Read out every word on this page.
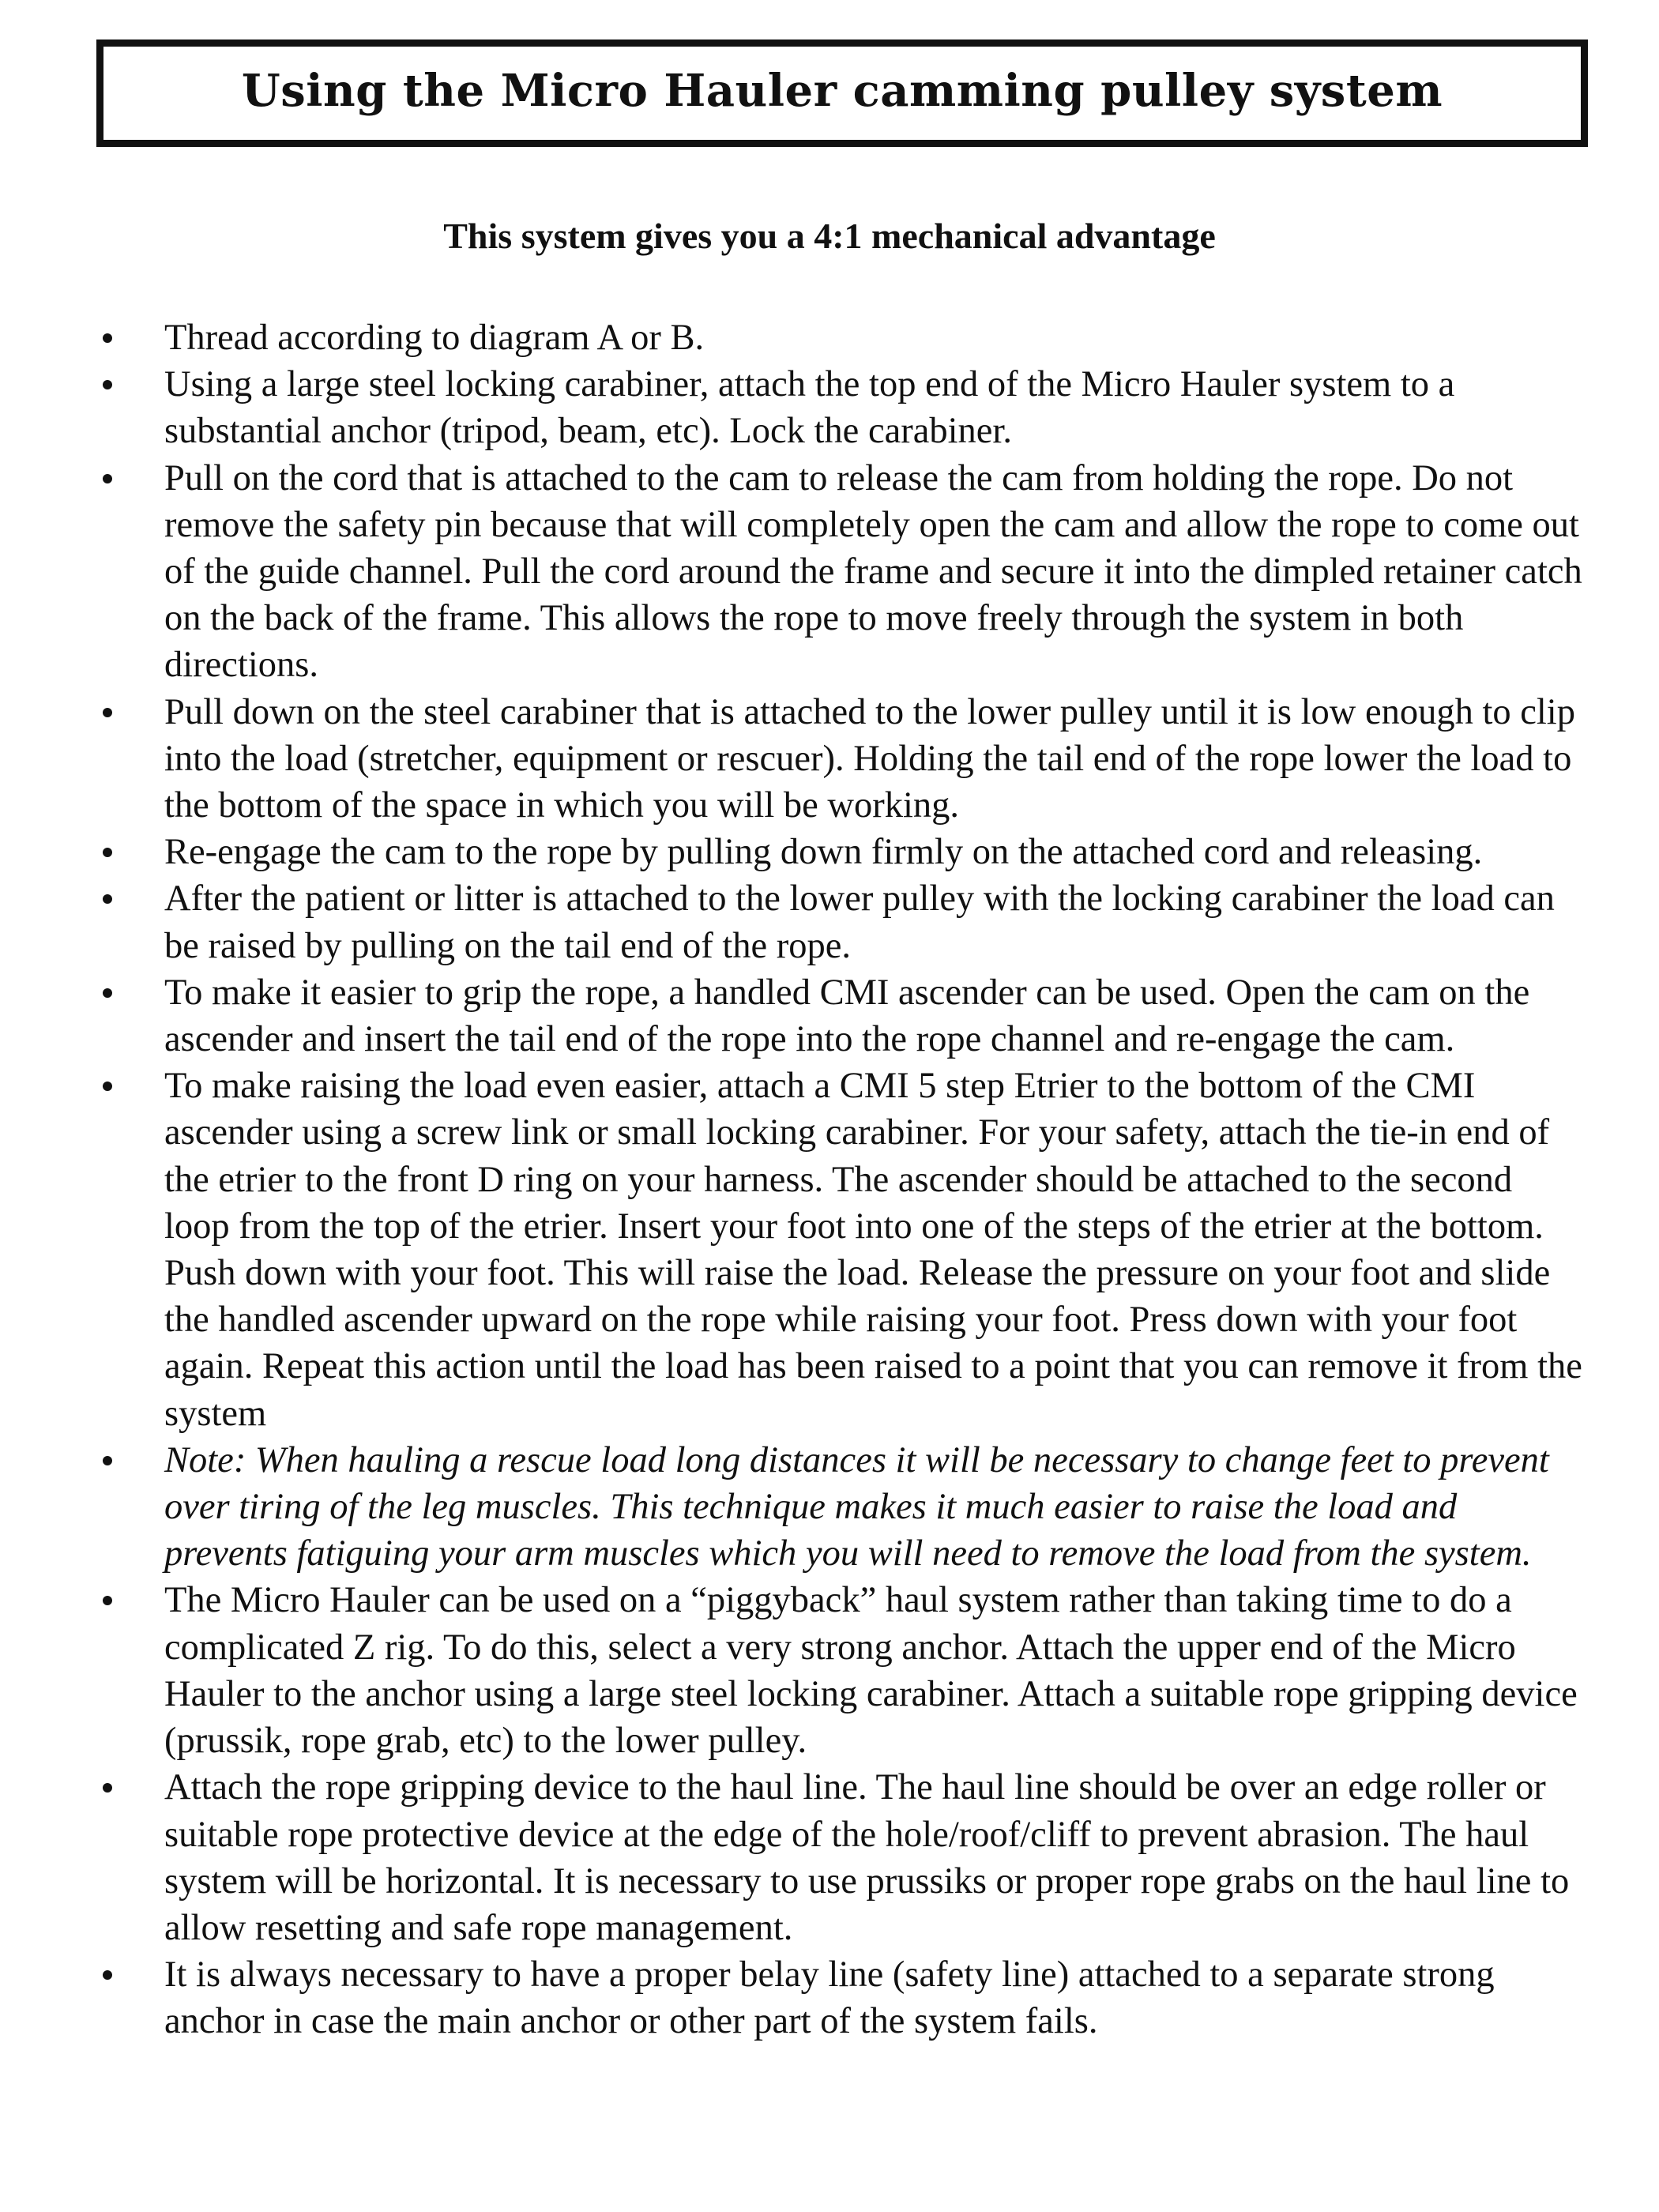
Using the Micro Hauler camming pulley system
This system gives you a 4:1 mechanical advantage
Thread according to diagram A or B.
Using a large steel locking carabiner, attach the top end of the Micro Hauler system to a substantial anchor (tripod, beam, etc). Lock the carabiner.
Pull on the cord that is attached to the cam to release the cam from holding the rope. Do not remove the safety pin because that will completely open the cam and allow the rope to come out of the guide channel. Pull the cord around the frame and secure it into the dimpled retainer catch on the back of the frame. This allows the rope to move freely through the system in both directions.
Pull down on the steel carabiner that is attached to the lower pulley until it is low enough to clip into the load (stretcher, equipment or rescuer). Holding the tail end of the rope lower the load to the bottom of the space in which you will be working.
Re-engage the cam to the rope by pulling down firmly on the attached cord and releasing.
After the patient or litter is attached to the lower pulley with the locking carabiner the load can be raised by pulling on the tail end of the rope.
To make it easier to grip the rope, a handled CMI ascender can be used. Open the cam on the ascender and insert the tail end of the rope into the rope channel and re-engage the cam.
To make raising the load even easier, attach a CMI 5 step Etrier to the bottom of the CMI ascender using a screw link or small locking carabiner. For your safety, attach the tie-in end of the etrier to the front D ring on your harness. The ascender should be attached to the second loop from the top of the etrier. Insert your foot into one of the steps of the etrier at the bottom. Push down with your foot. This will raise the load. Release the pressure on your foot and slide the handled ascender upward on the rope while raising your foot. Press down with your foot again. Repeat this action until the load has been raised to a point that you can remove it from the system
Note: When hauling a rescue load long distances it will be necessary to change feet to prevent over tiring of the leg muscles. This technique makes it much easier to raise the load and prevents fatiguing your arm muscles which you will need to remove the load from the system.
The Micro Hauler can be used on a “piggyback” haul system rather than taking time to do a complicated Z rig. To do this, select a very strong anchor. Attach the upper end of the Micro Hauler to the anchor using a large steel locking carabiner. Attach a suitable rope gripping device (prussik, rope grab, etc) to the lower pulley.
Attach the rope gripping device to the haul line. The haul line should be over an edge roller or suitable rope protective device at the edge of the hole/roof/cliff to prevent abrasion. The haul system will be horizontal. It is necessary to use prussiks or proper rope grabs on the haul line to allow resetting and safe rope management.
It is always necessary to have a proper belay line (safety line) attached to a separate strong anchor in case the main anchor or other part of the system fails.
